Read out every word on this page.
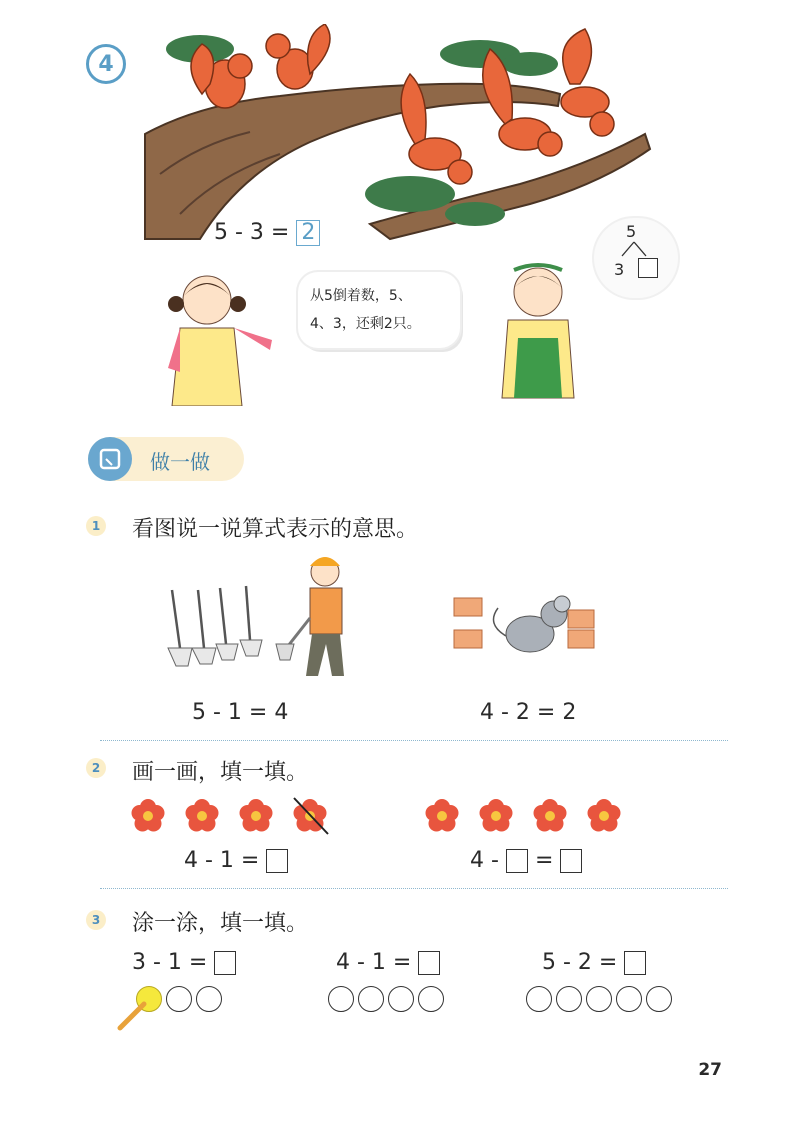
4
5 - 3 = 2
从5倒着数，5、
4、3，还剩2只。
5
3
做一做
1 看图说一说算式表示的意思。
5 - 1 = 4	4 - 2 = 2
2 画一画，填一填。
4 - 1 =	4 - =
3 涂一涂，填一填。
3 - 1 =	4 - 1 =	5 - 2 =
27
